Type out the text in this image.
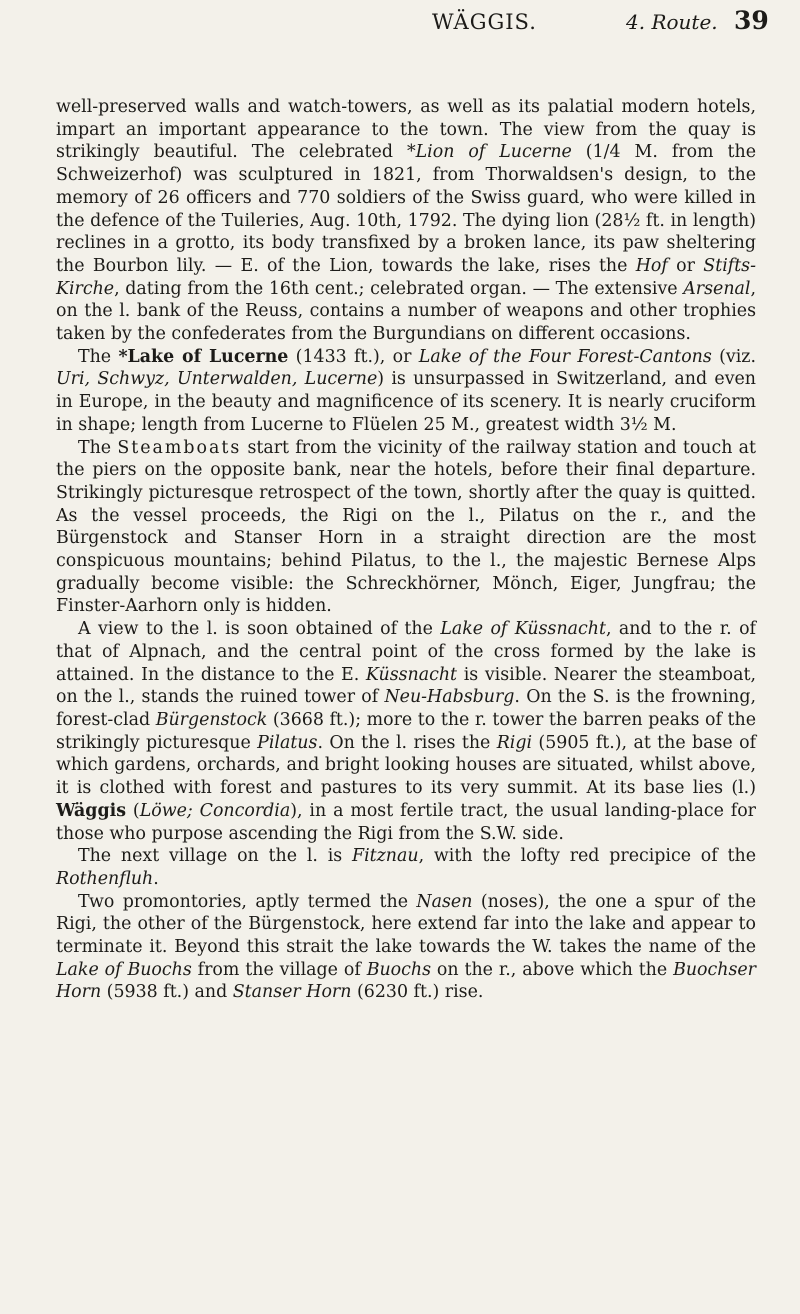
WÄGGIS.	4. Route. 39

well-preserved walls and watch-towers, as well as its palatial modern hotels, impart an important appearance to the town. The view from the quay is strikingly beautiful. The celebrated *Lion of Lucerne (1/4 M. from the Schweizerhof) was sculptured in 1821, from Thorwaldsen's design, to the memory of 26 officers and 770 soldiers of the Swiss guard, who were killed in the defence of the Tuileries, Aug. 10th, 1792. The dying lion (28½ ft. in length) reclines in a grotto, its body transfixed by a broken lance, its paw sheltering the Bourbon lily. — E. of the Lion, towards the lake, rises the Hof or Stifts-Kirche, dating from the 16th cent.; celebrated organ. — The extensive Arsenal, on the l. bank of the Reuss, contains a number of weapons and other trophies taken by the confederates from the Burgundians on different occasions.

The *Lake of Lucerne (1433 ft.), or Lake of the Four Forest-Cantons (viz. Uri, Schwyz, Unterwalden, Lucerne) is unsurpassed in Switzerland, and even in Europe, in the beauty and magnificence of its scenery. It is nearly cruciform in shape; length from Lucerne to Flüelen 25 M., greatest width 3½ M.

The Steamboats start from the vicinity of the railway station and touch at the piers on the opposite bank, near the hotels, before their final departure. Strikingly picturesque retrospect of the town, shortly after the quay is quitted. As the vessel proceeds, the Rigi on the l., Pilatus on the r., and the Bürgenstock and Stanser Horn in a straight direction are the most conspicuous mountains; behind Pilatus, to the l., the majestic Bernese Alps gradually become visible: the Schreckhörner, Mönch, Eiger, Jungfrau; the Finster-Aarhorn only is hidden.

A view to the l. is soon obtained of the Lake of Küssnacht, and to the r. of that of Alpnach, and the central point of the cross formed by the lake is attained. In the distance to the E. Küssnacht is visible. Nearer the steamboat, on the l., stands the ruined tower of Neu-Habsburg. On the S. is the frowning, forest-clad Bürgenstock (3668 ft.); more to the r. tower the barren peaks of the strikingly picturesque Pilatus. On the l. rises the Rigi (5905 ft.), at the base of which gardens, orchards, and bright looking houses are situated, whilst above, it is clothed with forest and pastures to its very summit. At its base lies (l.) Wäggis (Löwe; Concordia), in a most fertile tract, the usual landing-place for those who purpose ascending the Rigi from the S.W. side.

The next village on the l. is Fitznau, with the lofty red precipice of the Rothenfluh.

Two promontories, aptly termed the Nasen (noses), the one a spur of the Rigi, the other of the Bürgenstock, here extend far into the lake and appear to terminate it. Beyond this strait the lake towards the W. takes the name of the Lake of Buochs from the village of Buochs on the r., above which the Buochser Horn (5938 ft.) and Stanser Horn (6230 ft.) rise.
